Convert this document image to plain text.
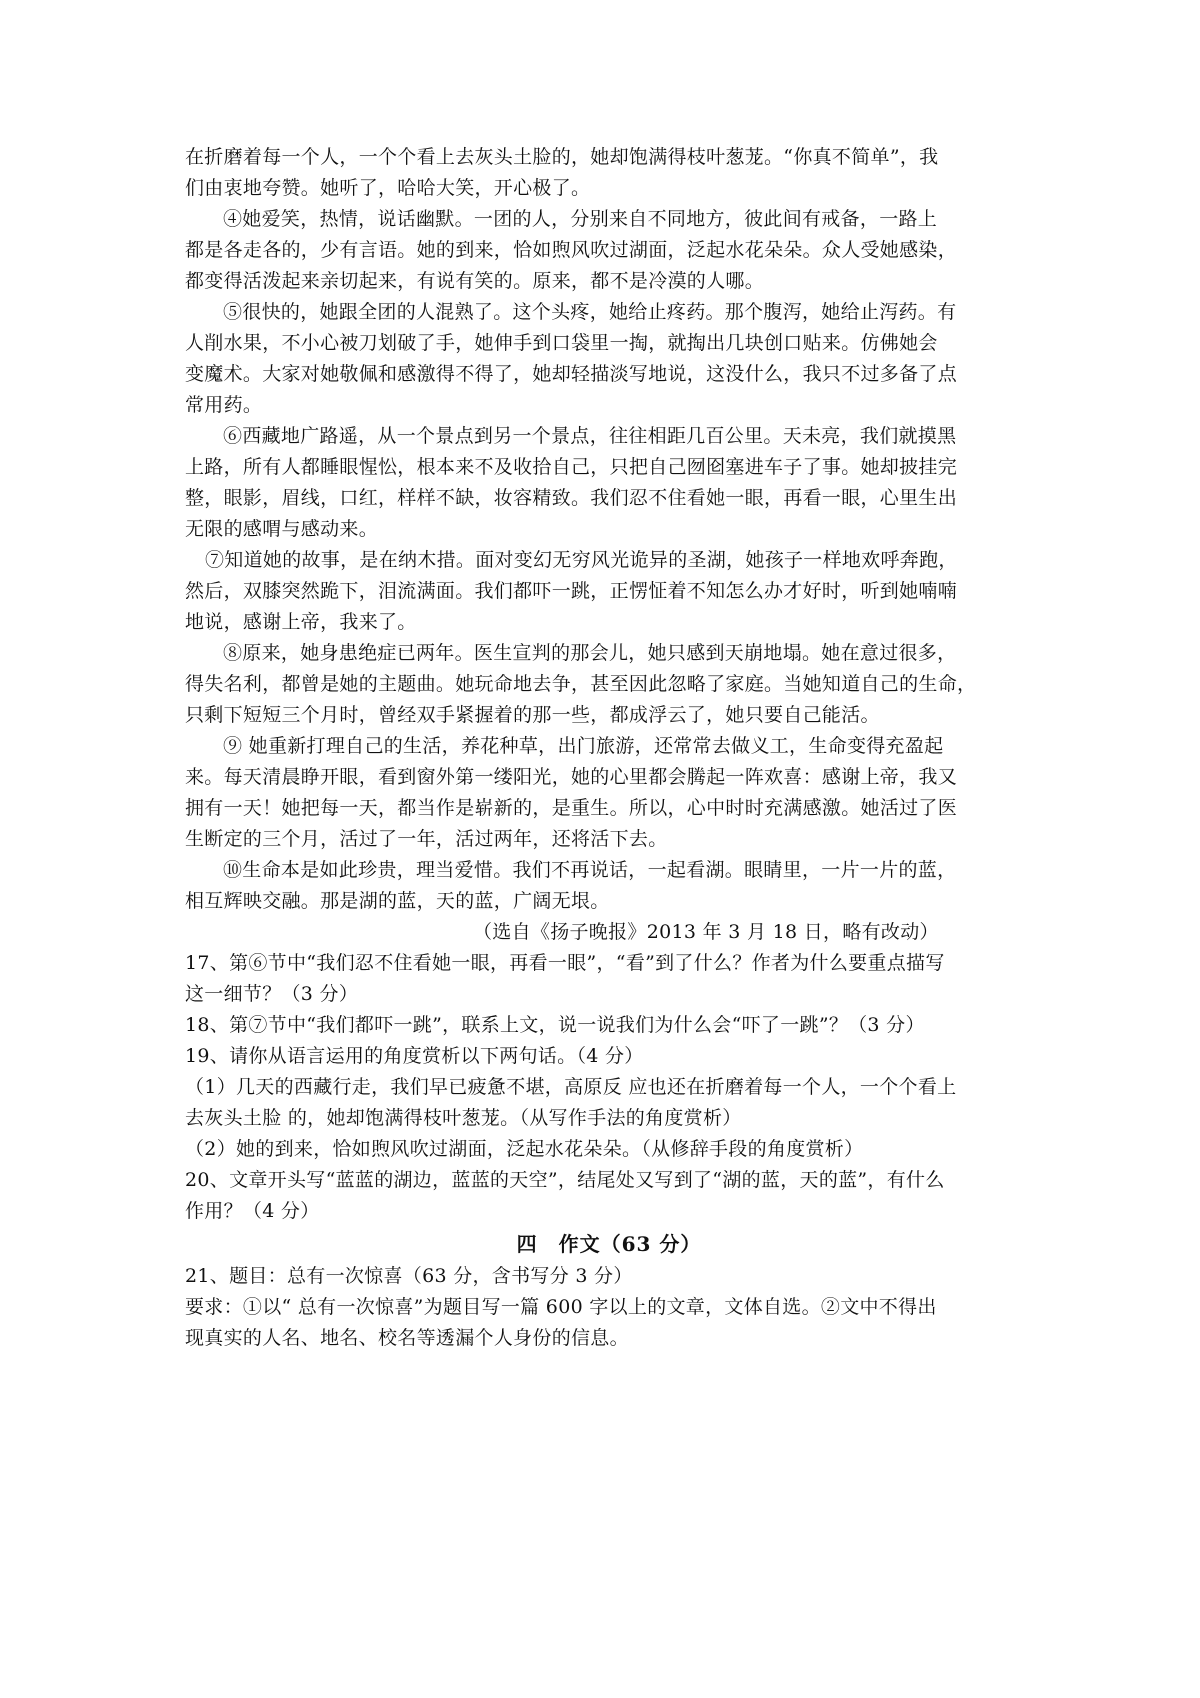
在折磨着每一个人，一个个看上去灰头土脸的，她却饱满得枝叶葱茏。“你真不简单”，我
们由衷地夸赞。她听了，哈哈大笑，开心极了。
④她爱笑，热情，说话幽默。一团的人，分别来自不同地方，彼此间有戒备，一路上
都是各走各的，少有言语。她的到来，恰如煦风吹过湖面，泛起水花朵朵。众人受她感染，
都变得活泼起来亲切起来，有说有笑的。原来，都不是冷漠的人哪。
⑤很快的，她跟全团的人混熟了。这个头疼，她给止疼药。那个腹泻，她给止泻药。有
人削水果，不小心被刀划破了手，她伸手到口袋里一掏，就掏出几块创口贴来。仿佛她会
变魔术。大家对她敬佩和感激得不得了，她却轻描淡写地说，这没什么，我只不过多备了点
常用药。
⑥西藏地广路遥，从一个景点到另一个景点，往往相距几百公里。天未亮，我们就摸黑
上路，所有人都睡眼惺忪，根本来不及收拾自己，只把自己囫囵塞进车子了事。她却披挂完
整，眼影，眉线，口红，样样不缺，妆容精致。我们忍不住看她一眼，再看一眼，心里生出
无限的感喟与感动来。
⑦知道她的故事，是在纳木措。面对变幻无穷风光诡异的圣湖，她孩子一样地欢呼奔跑，
然后，双膝突然跪下，泪流满面。我们都吓一跳，正愣怔着不知怎么办才好时，听到她喃喃
地说，感谢上帝，我来了。
⑧原来，她身患绝症已两年。医生宣判的那会儿，她只感到天崩地塌。她在意过很多，
得失名利，都曾是她的主题曲。她玩命地去争，甚至因此忽略了家庭。当她知道自己的生命，
只剩下短短三个月时，曾经双手紧握着的那一些，都成浮云了，她只要自己能活。
⑨ 她重新打理自己的生活，养花种草，出门旅游，还常常去做义工，生命变得充盈起
来。每天清晨睁开眼，看到窗外第一缕阳光，她的心里都会腾起一阵欢喜：感谢上帝，我又
拥有一天！她把每一天，都当作是崭新的，是重生。所以，心中时时充满感激。她活过了医
生断定的三个月，活过了一年，活过两年，还将活下去。
⑩生命本是如此珍贵，理当爱惜。我们不再说话，一起看湖。眼睛里，一片一片的蓝，
相互辉映交融。那是湖的蓝，天的蓝，广阔无垠。
（选自《扬子晚报》2013 年 3 月 18 日，略有改动）
17、第⑥节中“我们忍不住看她一眼，再看一眼”，“看”到了什么？作者为什么要重点描写
这一细节？（3 分）
18、第⑦节中“我们都吓一跳”，联系上文，说一说我们为什么会“吓了一跳”？（3 分）
19、请你从语言运用的角度赏析以下两句话。（4 分）
（1）几天的西藏行走，我们早已疲惫不堪，高原反 应也还在折磨着每一个人，一个个看上
去灰头土脸 的，她却饱满得枝叶葱茏。（从写作手法的角度赏析）
（2）她的到来，恰如煦风吹过湖面，泛起水花朵朵。（从修辞手段的角度赏析）
20、文章开头写“蓝蓝的湖边，蓝蓝的天空”，结尾处又写到了“湖的蓝，天的蓝”，有什么
作用？（4 分）
四　作文（63 分）
21、题目：总有一次惊喜（63 分，含书写分 3 分）
要求：①以“ 总有一次惊喜”为题目写一篇 600 字以上的文章，文体自选。②文中不得出
现真实的人名、地名、校名等透漏个人身份的信息。
